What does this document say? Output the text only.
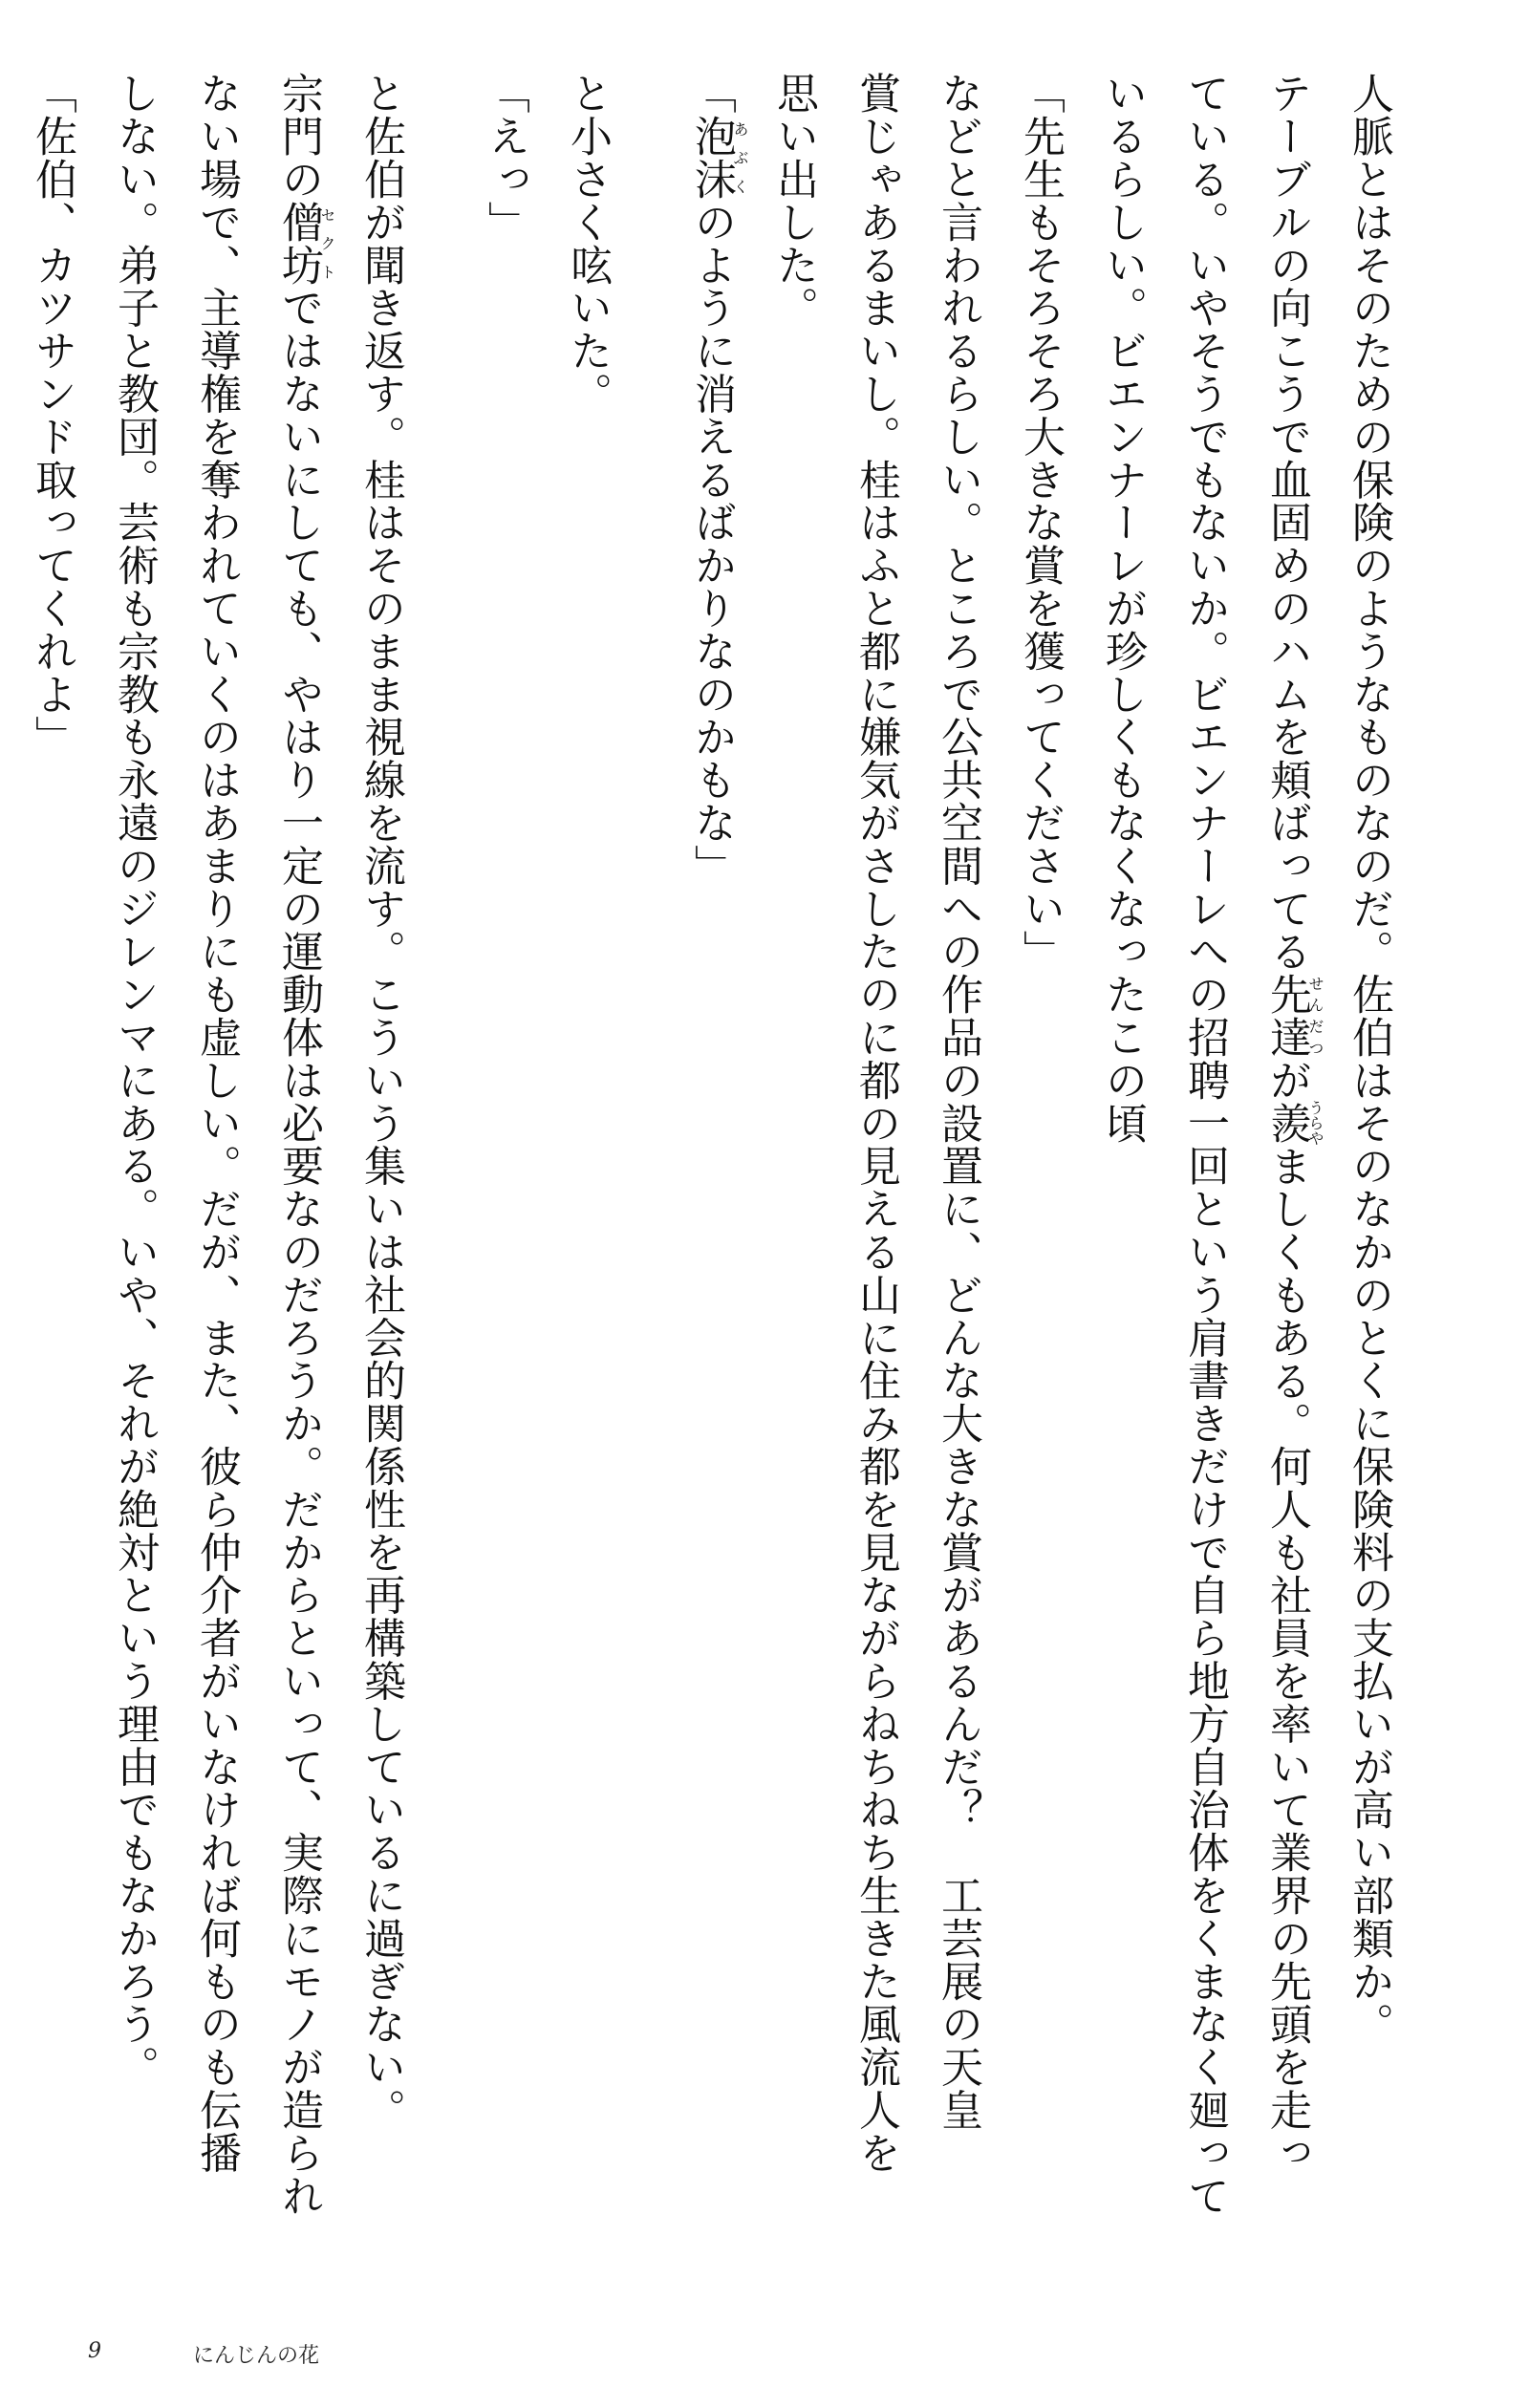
人脈とはそのための保険のようなものなのだ。佐伯はそのなかのとくに保険料の支払いが高い部類か。
テーブルの向こうで血固めのハムを頬ばってる先達せんだつが羨うらやましくもある。何人も社員を率いて業界の先頭を走っ
ている。いやそうでもないか。ビエンナーレへの招聘一回という肩書きだけで自ら地方自治体をくまなく廻って
いるらしい。ビエンナーレが珍しくもなくなったこの頃
「先生もそろそろ大きな賞を獲ってください」
などと言われるらしい。ところで公共空間への作品の設置に、どんな大きな賞があるんだ？　工芸展の天皇
賞じゃあるまいし。桂はふと都に嫌気がさしたのに都の見える山に住み都を見ながらねちねち生きた風流人を
思い出した。
「泡沫あぶくのように消えるばかりなのかもな」
と小さく呟いた。
「えっ」
と佐伯が聞き返す。桂はそのまま視線を流す。こういう集いは社会的関係性を再構築しているに過ぎない。
宗門の僧坊セクトではないにしても、やはり一定の運動体は必要なのだろうか。だからといって、実際にモノが造られ
ない場で、主導権を奪われていくのはあまりにも虚しい。だが、また、彼ら仲介者がいなければ何ものも伝播
しない。弟子と教団。芸術も宗教も永遠のジレンマにある。いや、それが絶対という理由でもなかろう。
「佐伯、カツサンド取ってくれよ」
9	にんじんの花
